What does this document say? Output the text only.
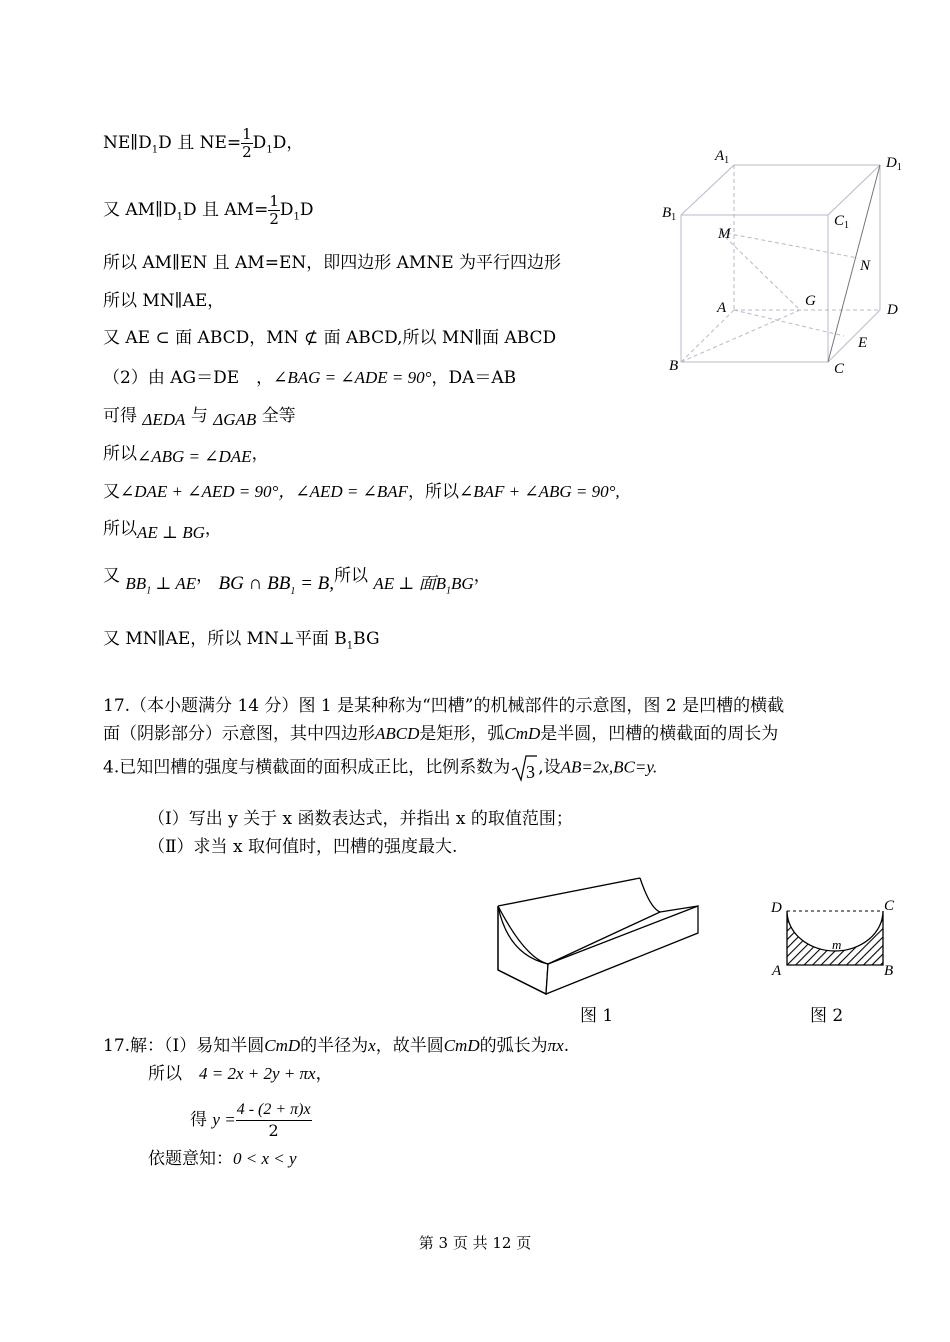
$NE\parallel D_1D$ 且 $NE= \frac{1}{2} D_1D$，
又 $AM\parallel D_1D$ 且 $AM= \frac{1}{2} D_1D$
所以 AM∥EN 且 AM=EN，即四边形 AMNE 为平行四边形
所以 MN∥AE，
又 AE ⊂ 面 ABCD，MN ⊄ 面 ABCD,所以 MN∥面 ABCD
（2）由 AG＝DE　，∠BAG = ∠ADE = 90°，DA＝AB
可得 ΔEDA 与 ΔGAB 全等
所以∠ABG = ∠DAE，
又∠DAE + ∠AED = 90°，∠AED = ∠BAF，所以∠BAF + ∠ABG = 90°,
所以AE ⊥ BG，
又 $BB_1$ ⊥ AE， BG ∩ $BB_1 = B$,所以 AE ⊥ 面$B_1BG$，
又 MN∥AE，所以 MN⊥平面 $B_1BG$
$A_1$	$D_1$
$B_1$	$C_1$
M
N
A	G
D
E
B	C
17.（本小题满分 14 分）图 1 是某种称为“凹槽”的机械部件的示意图，图 2 是凹槽的横截
面（阴影部分）示意图，其中四边形ABCD是矩形，弧CmD是半圆，凹槽的横截面的周长为
4.已知凹槽的强度与横截面的面积成正比，比例系数为 3 ,设AB=2x,BC=y.
（Ⅰ）写出 y 关于 x 函数表达式，并指出 x 的取值范围；
（Ⅱ）求当 x 取何值时，凹槽的强度最大.
图 1
D	C
A	B
m
图 2
17.解：（Ⅰ）易知半圆CmD的半径为x，故半圆CmD的弧长为πx.
所以　 4 = 2x + 2y + πx，
得 $y = \frac{4 - (2 + \pi)x}{2}$
依题意知：0 < x < y
第 3 页 共 12 页
